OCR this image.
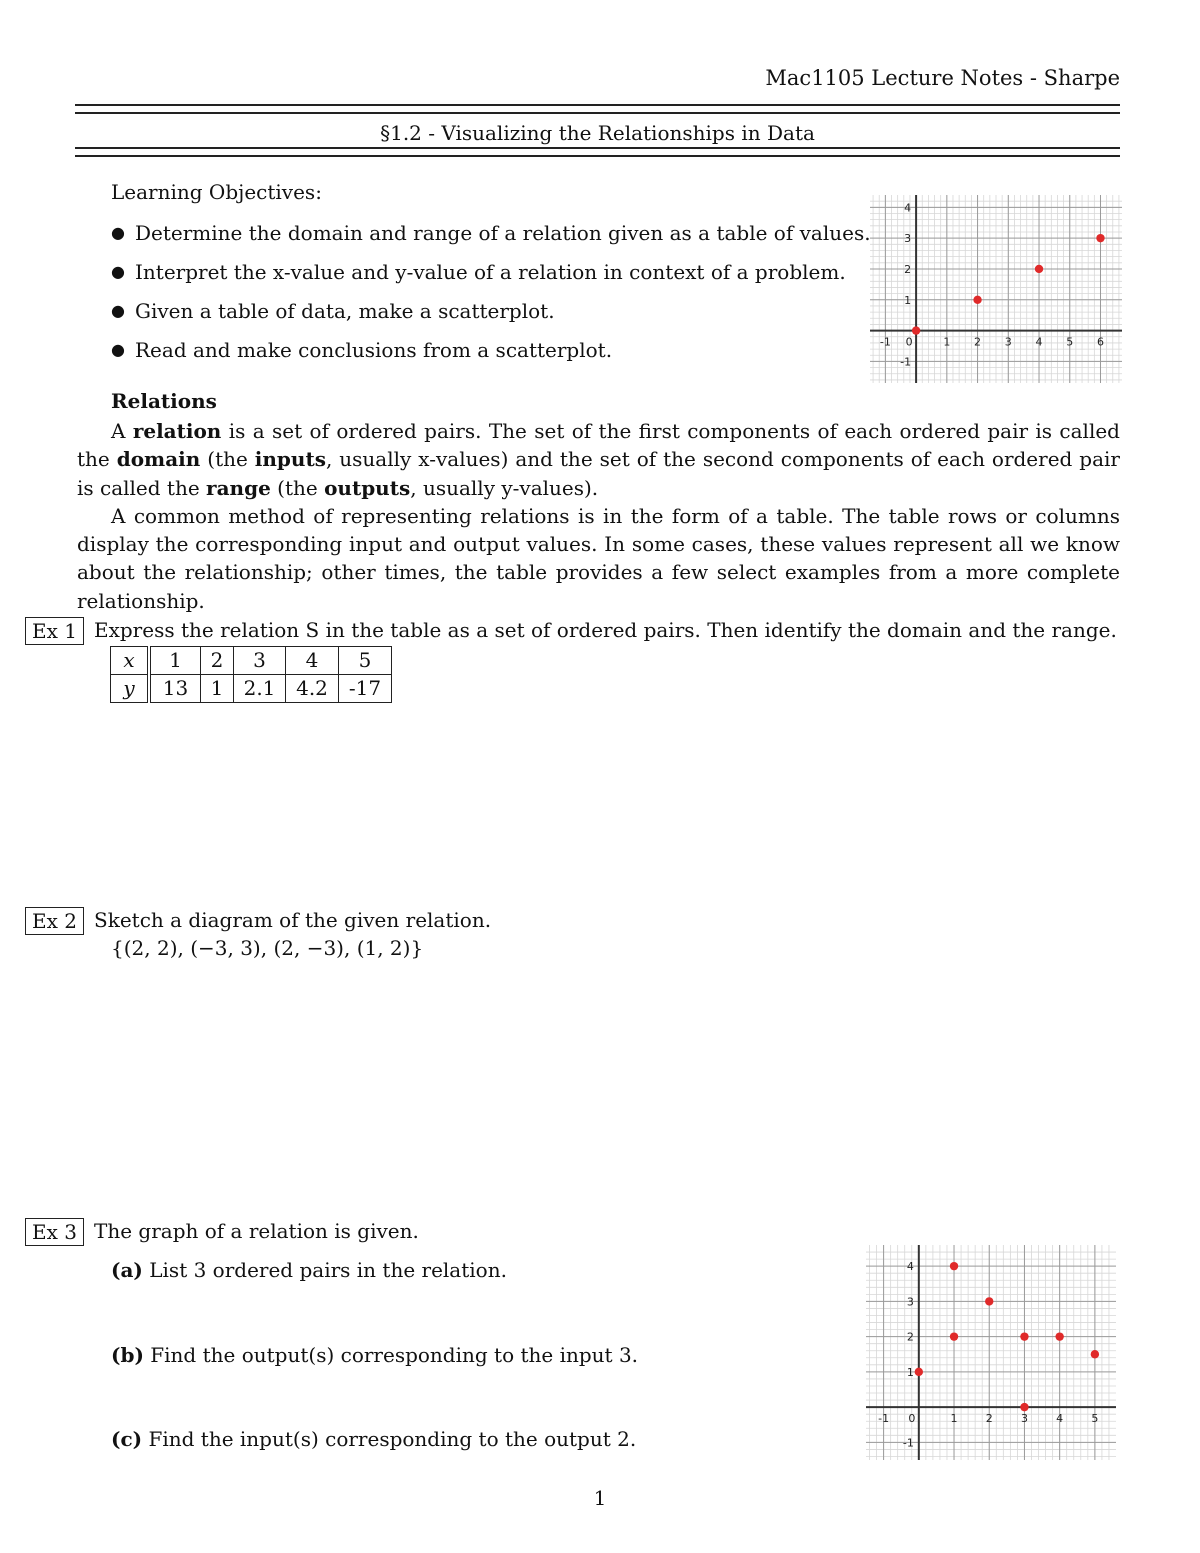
Mac1105 Lecture Notes - Sharpe
§1.2 - Visualizing the Relationships in Data
Learning Objectives:
● Determine the domain and range of a relation given as a table of values.
● Interpret the x-value and y-value of a relation in context of a problem.
● Given a table of data, make a scatterplot.
● Read and make conclusions from a scatterplot.	-1 0	1 2 3 4 5 6
-1
1
2
3
4
Relations

A relation is a set of ordered pairs. The set of the first components of each ordered pair is called the domain (the inputs, usually x-values) and the set of the second components of each ordered pair is called the range (the outputs, usually y-values).

A common method of representing relations is in the form of a table. The table rows or columns display the corresponding input and output values. In some cases, these values represent all we know about the relationship; other times, the table provides a few select examples from a more complete relationship.

Ex 1 Express the relation S in the table as a set of ordered pairs. Then identify the domain and the range.
x	1	2	3	4	5
y	13	1	2.1	4.2	-17
Ex 2 Sketch a diagram of the given relation.
{(2, 2), (−3, 3), (2, −3), (1, 2)}
Ex 3 The graph of a relation is given.
(a) List 3 ordered pairs in the relation.
(b) Find the output(s) corresponding to the input 3.
(c) Find the input(s) corresponding to the output 2.
-1 0	1	2	3	4	5
-1
1
2
3
4
1
